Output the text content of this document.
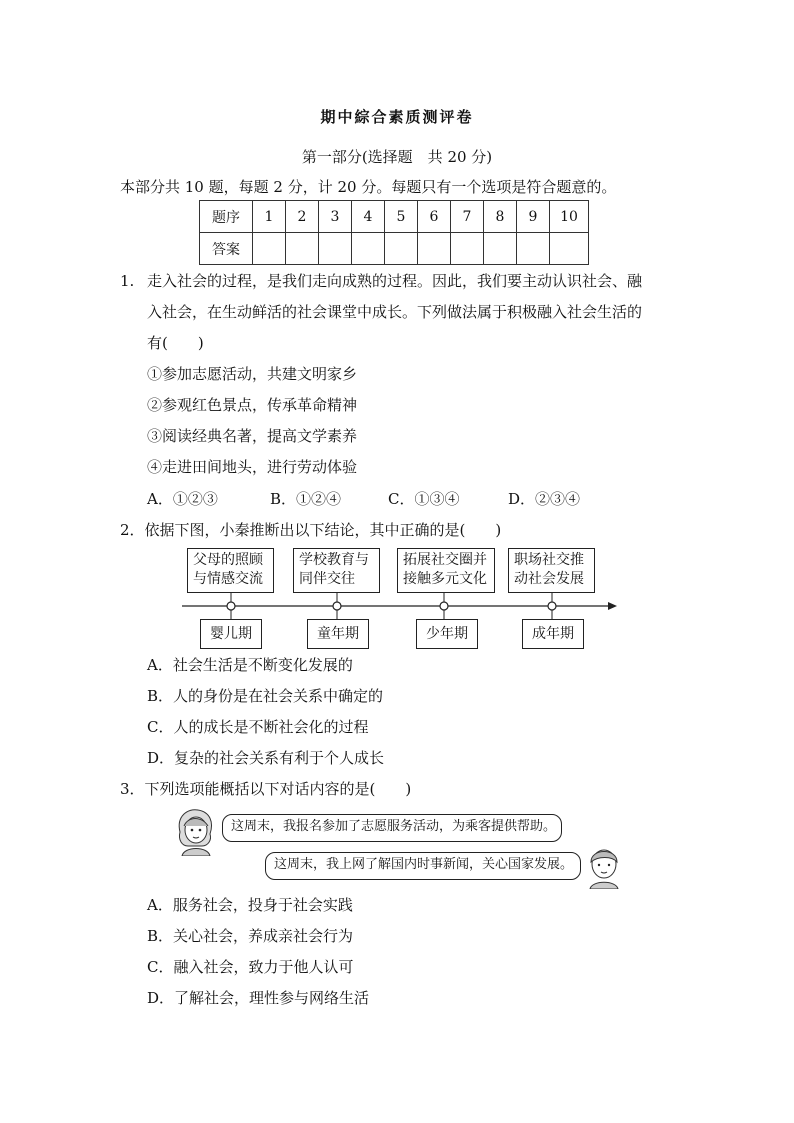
期中綜合素质测评卷
第一部分(选择题　共 20 分)
本部分共 10 题，每题 2 分，计 20 分。每题只有一个选项是符合题意的。
题序	1	2	3	4	5	6	7	8	9	10
答案										
1. 走入社会的过程，是我们走向成熟的过程。因此，我们要主动认识社会、融
入社会，在生动鲜活的社会课堂中成长。下列做法属于积极融入社会生活的
有(　　)
①参加志愿活动，共建文明家乡
②参观红色景点，传承革命精神
③阅读经典名著，提高文学素养
④走进田间地头，进行劳动体验
A．①②③	B．①②④	C．①③④	D．②③④
2．依据下图，小秦推断出以下结论，其中正确的是(　　)
父母的照顾
与情感交流
学校教育与
同伴交往
拓展社交圈并
接触多元文化
职场社交推
动社会发展
婴儿期	童年期	少年期	成年期
A．社会生活是不断变化发展的
B．人的身份是在社会关系中确定的
C．人的成长是不断社会化的过程
D．复杂的社会关系有利于个人成长
3．下列选项能概括以下对话内容的是(　　)
这周末，我报名参加了志愿服务活动，为乘客提供帮助。
这周末，我上网了解国内时事新闻，关心国家发展。
A．服务社会，投身于社会实践
B．关心社会，养成亲社会行为
C．融入社会，致力于他人认可
D．了解社会，理性参与网络生活
